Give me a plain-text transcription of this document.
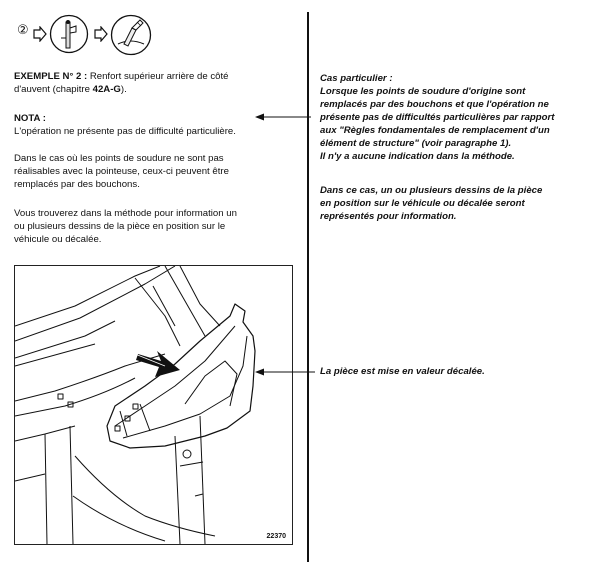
②
EXEMPLE N° 2 : Renfort supérieur arrière de côté
d'auvent (chapitre 42A-G).
NOTA :
L'opération ne présente pas de difficulté particulière.
Dans le cas où les points de soudure ne sont pas
réalisables avec la pointeuse, ceux-ci peuvent être
remplacés par des bouchons.
Vous trouverez dans la méthode pour information un
ou plusieurs dessins de la pièce en position sur le
véhicule ou décalée.
22370
Cas particulier :
Lorsque les points de soudure d'origine sont
remplacés par des bouchons et que l'opération ne
présente pas de difficultés particulières par rapport
aux "Règles fondamentales de remplacement d'un
élément de structure" (voir paragraphe 1).
Il n'y a aucune indication dans la méthode.
Dans ce cas, un ou plusieurs dessins de la pièce
en position sur le véhicule ou décalée seront
représentés pour information.
La pièce est mise en valeur décalée.
